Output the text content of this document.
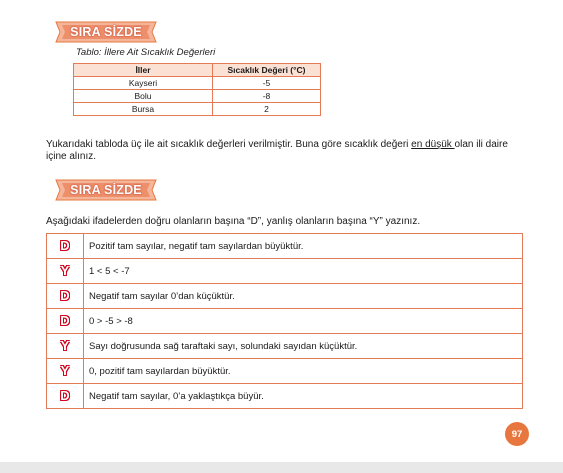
SIRA SİZDE
Tablo: İllere Ait Sıcaklık Değerleri
İller	Sıcaklık Değeri (°C)
Kayseri	-5
Bolu	-8
Bursa	2
Yukarıdaki tabloda üç ile ait sıcaklık değerleri verilmiştir. Buna göre sıcaklık değeri en düşük olan ili daire içine alınız.
SIRA SİZDE
Aşağıdaki ifadelerden doğru olanların başına “D”, yanlış olanların başına “Y” yazınız.
D	Pozitif tam sayılar, negatif tam sayılardan büyüktür.
Y	1 < 5 < -7
D	Negatif tam sayılar 0’dan küçüktür.
D	0 > -5 > -8
Y	Sayı doğrusunda sağ taraftaki sayı, solundaki sayıdan küçüktür.
Y	0, pozitif tam sayılardan büyüktür.
D	Negatif tam sayılar, 0’a yaklaştıkça büyür.
97
